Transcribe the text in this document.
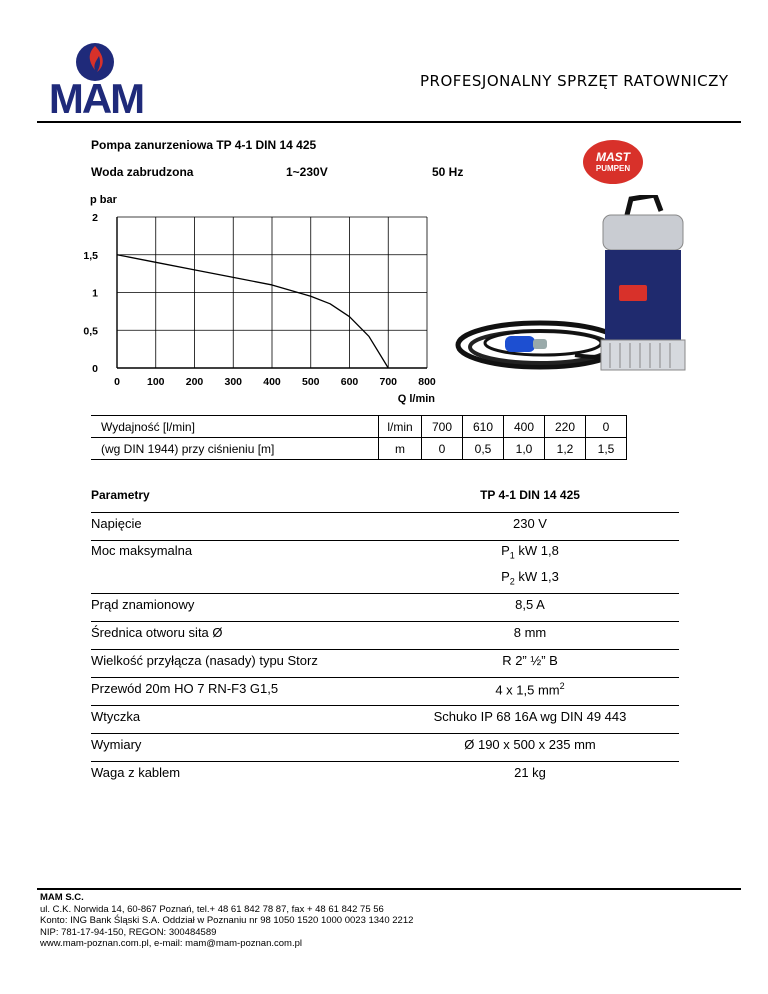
MAM	PROFESJONALNY SPRZĘT RATOWNICZY
Pompa zanurzeniowa TP 4-1 DIN 14 425
Woda zabrudzona	1~230V	50 Hz
MAST
PUMPEN
0	100 200 300 400 500 600 700 800
0
0,5
1
1,5
2
p bar
Q l/min
Wydajność [l/min]	l/min	700	610	400	220	0
(wg DIN 1944) przy ciśnieniu [m]	m	0	0,5	1,0	1,2	1,5
Parametry	TP 4-1 DIN 14 425
Napięcie	230 V
Moc maksymalna	$P_1$ kW 1,8
$P_2$ kW 1,3
Prąd znamionowy	8,5 A
Średnica otworu sita Ø	8 mm
Wielkość przyłącza (nasady) typu Storz	R 2” ½” B
Przewód 20m HO 7 RN-F3 G1,5	4 x 1,5 $mm^2$
Wtyczka	Schuko IP 68 16A wg DIN 49 443
Wymiary	Ø 190 x 500 x 235 mm
Waga z kablem	21 kg
MAM S.C.
ul. C.K. Norwida 14, 60-867 Poznań, tel.+ 48 61 842 78 87, fax + 48 61 842 75 56
Konto: ING Bank Śląski S.A. Oddział w Poznaniu nr 98 1050 1520 1000 0023 1340 2212
NIP: 781-17-94-150, REGON: 300484589
www.mam-poznan.com.pl, e-mail: mam@mam-poznan.com.pl
